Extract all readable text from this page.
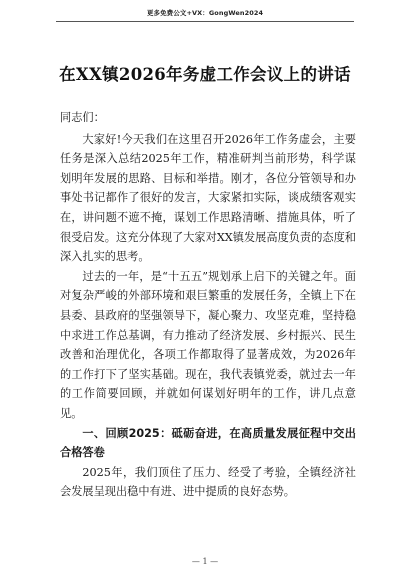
更多免费公文+VX：GongWen2024
在XX镇2026年务虚工作会议上的讲话

同志们：

大家好!今天我们在这里召开2026年工作务虚会，主要任务是深入总结2025年工作，精准研判当前形势，科学谋划明年发展的思路、目标和举措。刚才，各位分管领导和办事处书记都作了很好的发言，大家紧扣实际，谈成绩客观实在，讲问题不遮不掩，谋划工作思路清晰、措施具体，听了很受启发。这充分体现了大家对XX镇发展高度负责的态度和深入扎实的思考。

过去的一年，是“十五五”规划承上启下的关键之年。面对复杂严峻的外部环境和艰巨繁重的发展任务，全镇上下在县委、县政府的坚强领导下，凝心聚力、攻坚克难，坚持稳中求进工作总基调，有力推动了经济发展、乡村振兴、民生改善和治理优化，各项工作都取得了显著成效，为2026年的工作打下了坚实基础。现在，我代表镇党委，就过去一年的工作简要回顾，并就如何谋划好明年的工作，讲几点意见。

一、回顾2025：砥砺奋进，在高质量发展征程中交出合格答卷

2025年，我们顶住了压力、经受了考验，全镇经济社会发展呈现出稳中有进、进中提质的良好态势。

— 1 —
